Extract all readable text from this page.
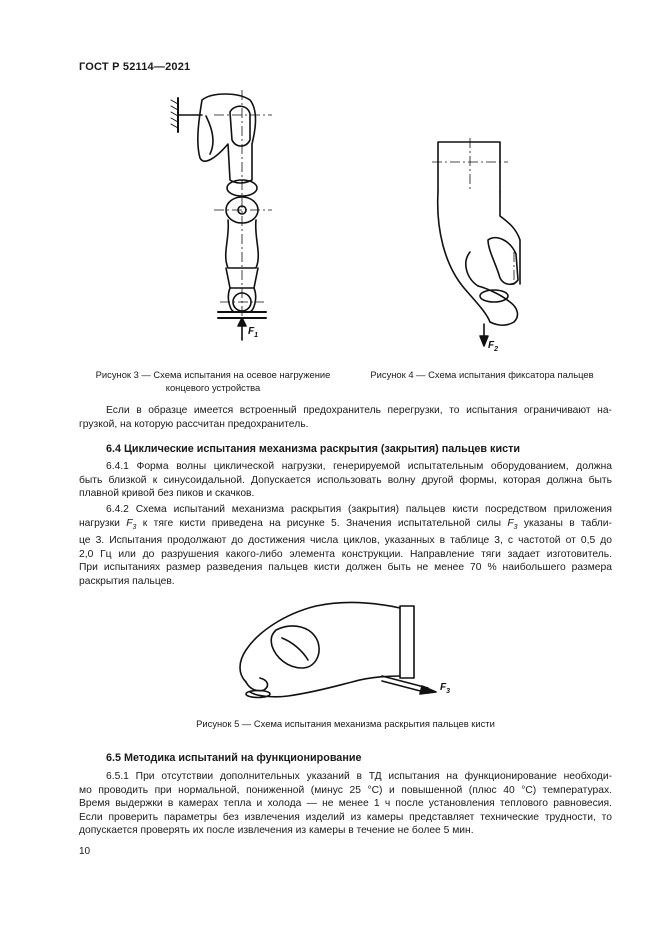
ГОСТ Р 52114—2021
$F_1$
$F_2$
Рисунок 3 — Схема испытания на осевое нагружение
концевого устройства
Рисунок 4 — Схема испытания фиксатора пальцев
Если в образце имеется встроенный предохранитель перегрузки, то испытания ограничивают на-
грузкой, на которую рассчитан предохранитель.
6.4 Циклические испытания механизма раскрытия (закрытия) пальцев кисти
6.4.1 Форма волны циклической нагрузки, генерируемой испытательным оборудованием, должна
быть близкой к синусоидальной. Допускается использовать волну другой формы, которая должна быть
плавной кривой без пиков и скачков.
6.4.2 Схема испытаний механизма раскрытия (закрытия) пальцев кисти посредством приложения
нагрузки $F_3$ к тяге кисти приведена на рисунке 5. Значения испытательной силы $F_3$ указаны в табли-
це 3. Испытания продолжают до достижения числа циклов, указанных в таблице 3, с частотой от 0,5 до
2,0 Гц или до разрушения какого-либо элемента конструкции. Направление тяги задает изготовитель.
При испытаниях размер разведения пальцев кисти должен быть не менее 70 % наибольшего размера
раскрытия пальцев.
$F_3$
Рисунок 5 — Схема испытания механизма раскрытия пальцев кисти
6.5 Методика испытаний на функционирование
6.5.1 При отсутствии дополнительных указаний в ТД испытания на функционирование необходи-
мо проводить при нормальной, пониженной (минус 25 °С) и повышенной (плюс 40 °С) температурах.
Время выдержки в камерах тепла и холода — не менее 1 ч после установления теплового равновесия.
Если проверить параметры без извлечения изделий из камеры представляет технические трудности, то
допускается проверять их после извлечения из камеры в течение не более 5 мин.
10
